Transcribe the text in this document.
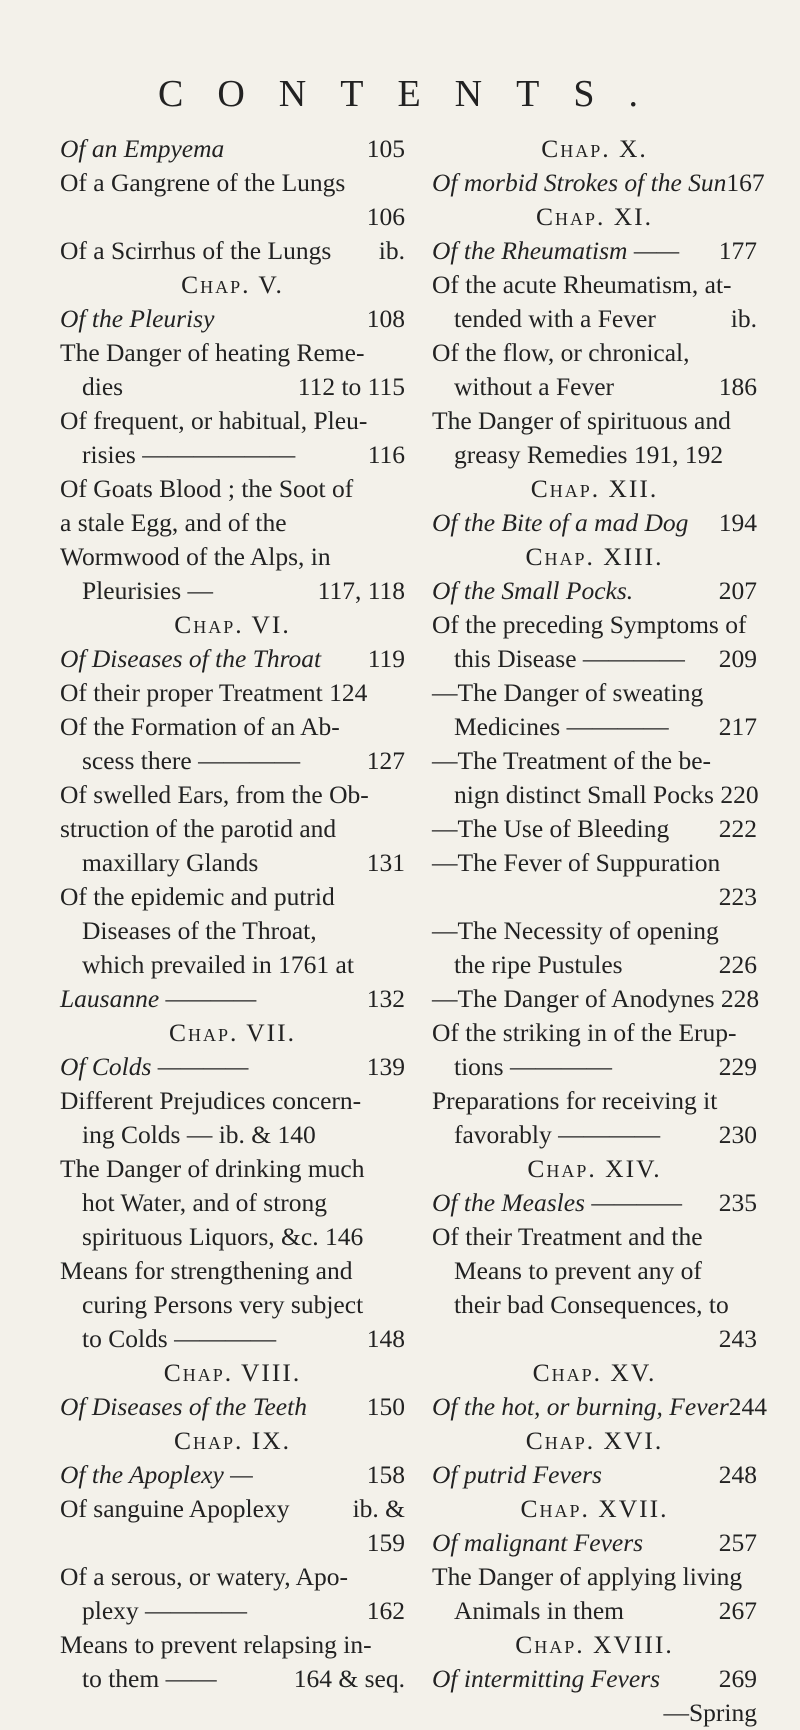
CONTENTS.
Of an Empyema	105
Of a Gangrene of the Lungs
106
Of a Scirrhus of the Lungs ib.
Chap. V.
Of the Pleurisy	108
The Danger of heating Reme-
dies	112 to 115
Of frequent, or habitual, Pleu-
risies ——————	116
Of Goats Blood ; the Soot of
a stale Egg, and of the
Wormwood of the Alps, in
Pleurisies —	117, 118
Chap. VI.
Of Diseases of the Throat 119
Of their proper Treatment 124
Of the Formation of an Ab-
scess there ————	127
Of swelled Ears, from the Ob-
struction of the parotid and
maxillary Glands	131
Of the epidemic and putrid
Diseases of the Throat,
which prevailed in 1761 at
Lausanne ————	132
Chap. VII.
Of Colds ————	139
Different Prejudices concern-
ing Colds — ib. & 140
The Danger of drinking much
hot Water, and of strong
spirituous Liquors, &c. 146
Means for strengthening and
curing Persons very subject
to Colds ————	148
Chap. VIII.
Of Diseases of the Teeth 150
Chap. IX.
Of the Apoplexy —	158
Of sanguine Apoplexy ib. &
159
Of a serous, or watery, Apo-
plexy ————	162
Means to prevent relapsing in-
to them ——	164 & seq.
Chap. X.
Of morbid Strokes of the Sun 167
Chap. XI.
Of the Rheumatism —— 177
Of the acute Rheumatism, at-
tended with a Fever	ib.
Of the flow, or chronical,
without a Fever	186
The Danger of spirituous and
greasy Remedies 191, 192
Chap. XII.
Of the Bite of a mad Dog 194
Chap. XIII.
Of the Small Pocks.	207
Of the preceding Symptoms of
this Disease ———— 209
—The Danger of sweating
Medicines ———— 217
—The Treatment of the be-
nign distinct Small Pocks 220
—The Use of Bleeding 222
—The Fever of Suppuration
223
—The Necessity of opening
the ripe Pustules	226
—The Danger of Anodynes 228
Of the striking in of the Erup-
tions ————	229
Preparations for receiving it
favorably ———— 230
Chap. XIV.
Of the Measles ———— 235
Of their Treatment and the
Means to prevent any of
their bad Consequences, to
243
Chap. XV.
Of the hot, or burning, Fever 244
Chap. XVI.
Of putrid Fevers	248
Chap. XVII.
Of malignant Fevers	257
The Danger of applying living
Animals in them	267
Chap. XVIII.
Of intermitting Fevers 269
—Spring
